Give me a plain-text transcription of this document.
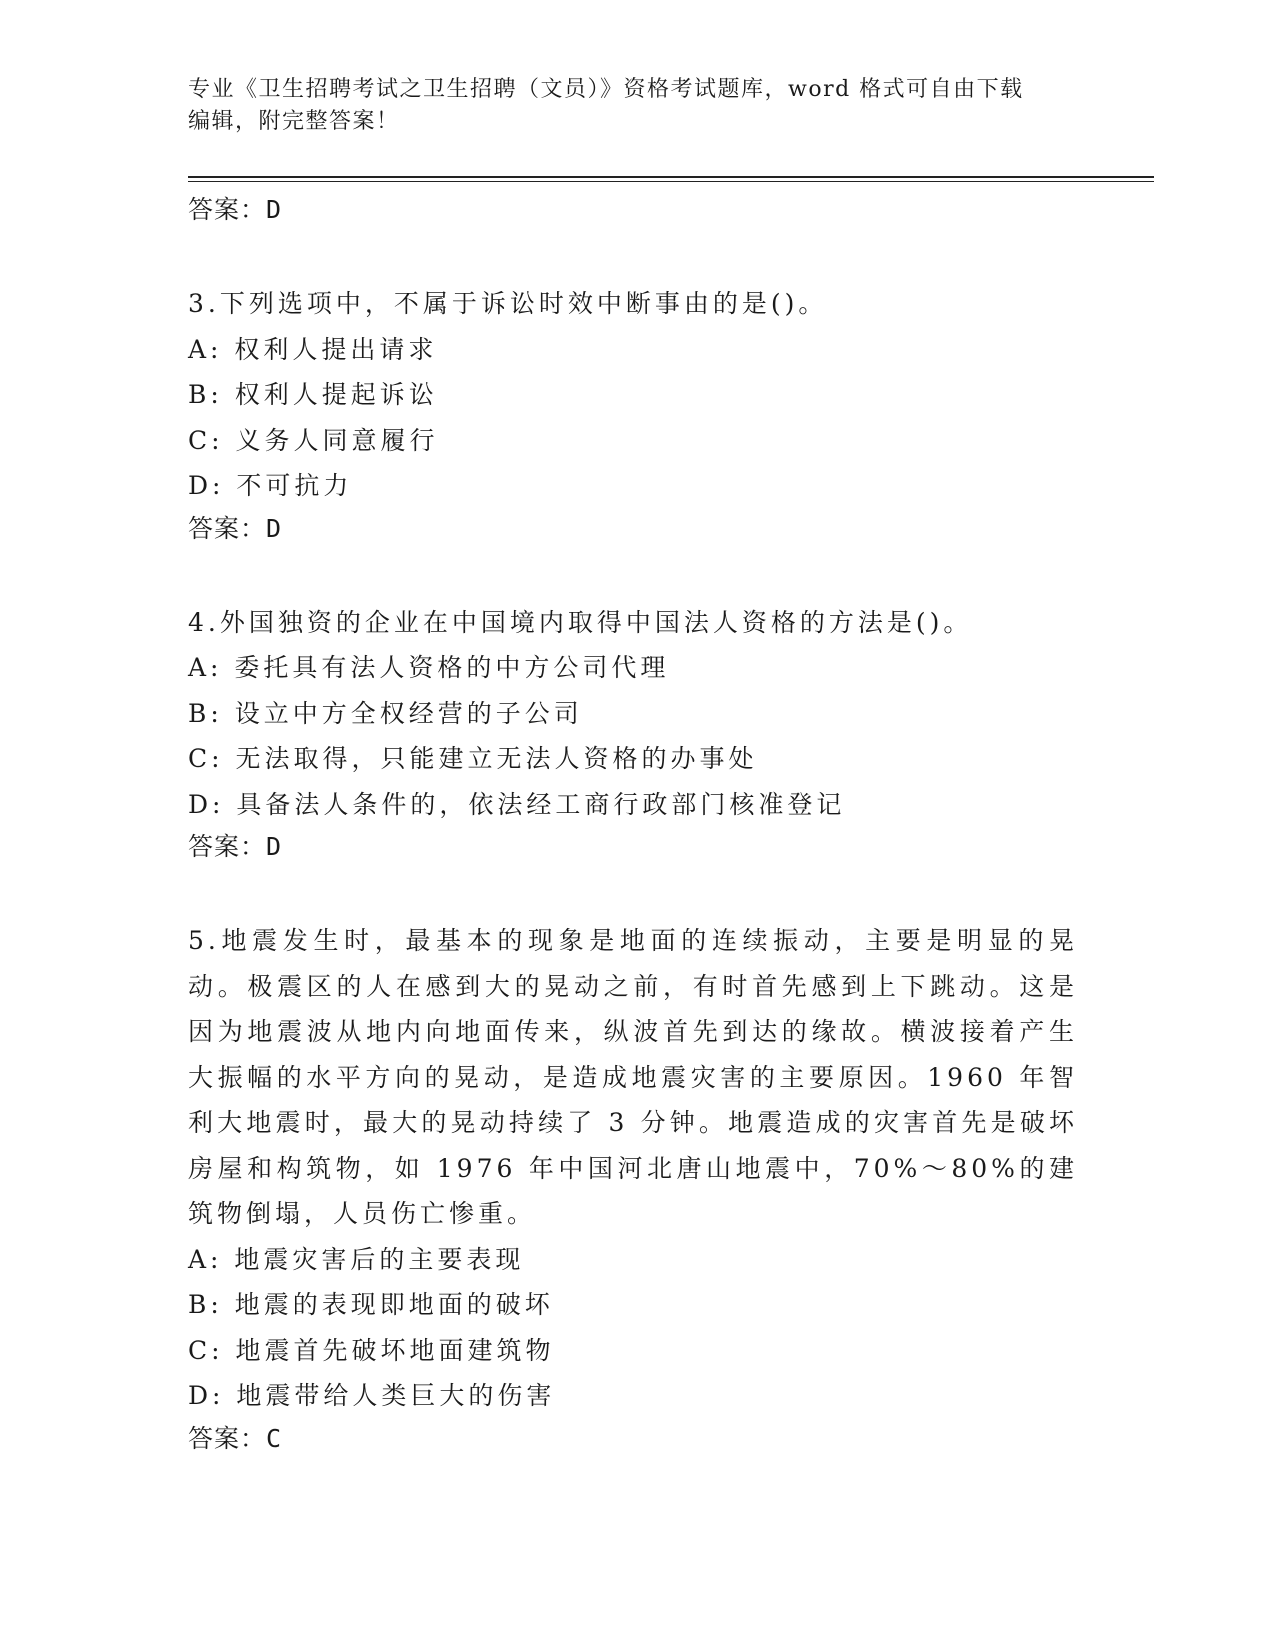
专业《卫生招聘考试之卫生招聘（文员）》资格考试题库，word 格式可自由下载
编辑，附完整答案！
答案：D
3.下列选项中，不属于诉讼时效中断事由的是()。
A: 权利人提出请求
B: 权利人提起诉讼
C: 义务人同意履行
D: 不可抗力
答案：D
4.外国独资的企业在中国境内取得中国法人资格的方法是()。
A: 委托具有法人资格的中方公司代理
B: 设立中方全权经营的子公司
C: 无法取得，只能建立无法人资格的办事处
D: 具备法人条件的，依法经工商行政部门核准登记
答案：D
5.地震发生时，最基本的现象是地面的连续振动，主要是明显的晃动。极震区的人在感到大的晃动之前，有时首先感到上下跳动。这是因为地震波从地内向地面传来，纵波首先到达的缘故。横波接着产生大振幅的水平方向的晃动，是造成地震灾害的主要原因。1960 年智利大地震时，最大的晃动持续了 3 分钟。地震造成的灾害首先是破坏房屋和构筑物，如 1976 年中国河北唐山地震中，70%～80%的建筑物倒塌，人员伤亡惨重。
A: 地震灾害后的主要表现
B: 地震的表现即地面的破坏
C: 地震首先破坏地面建筑物
D: 地震带给人类巨大的伤害
答案：C
